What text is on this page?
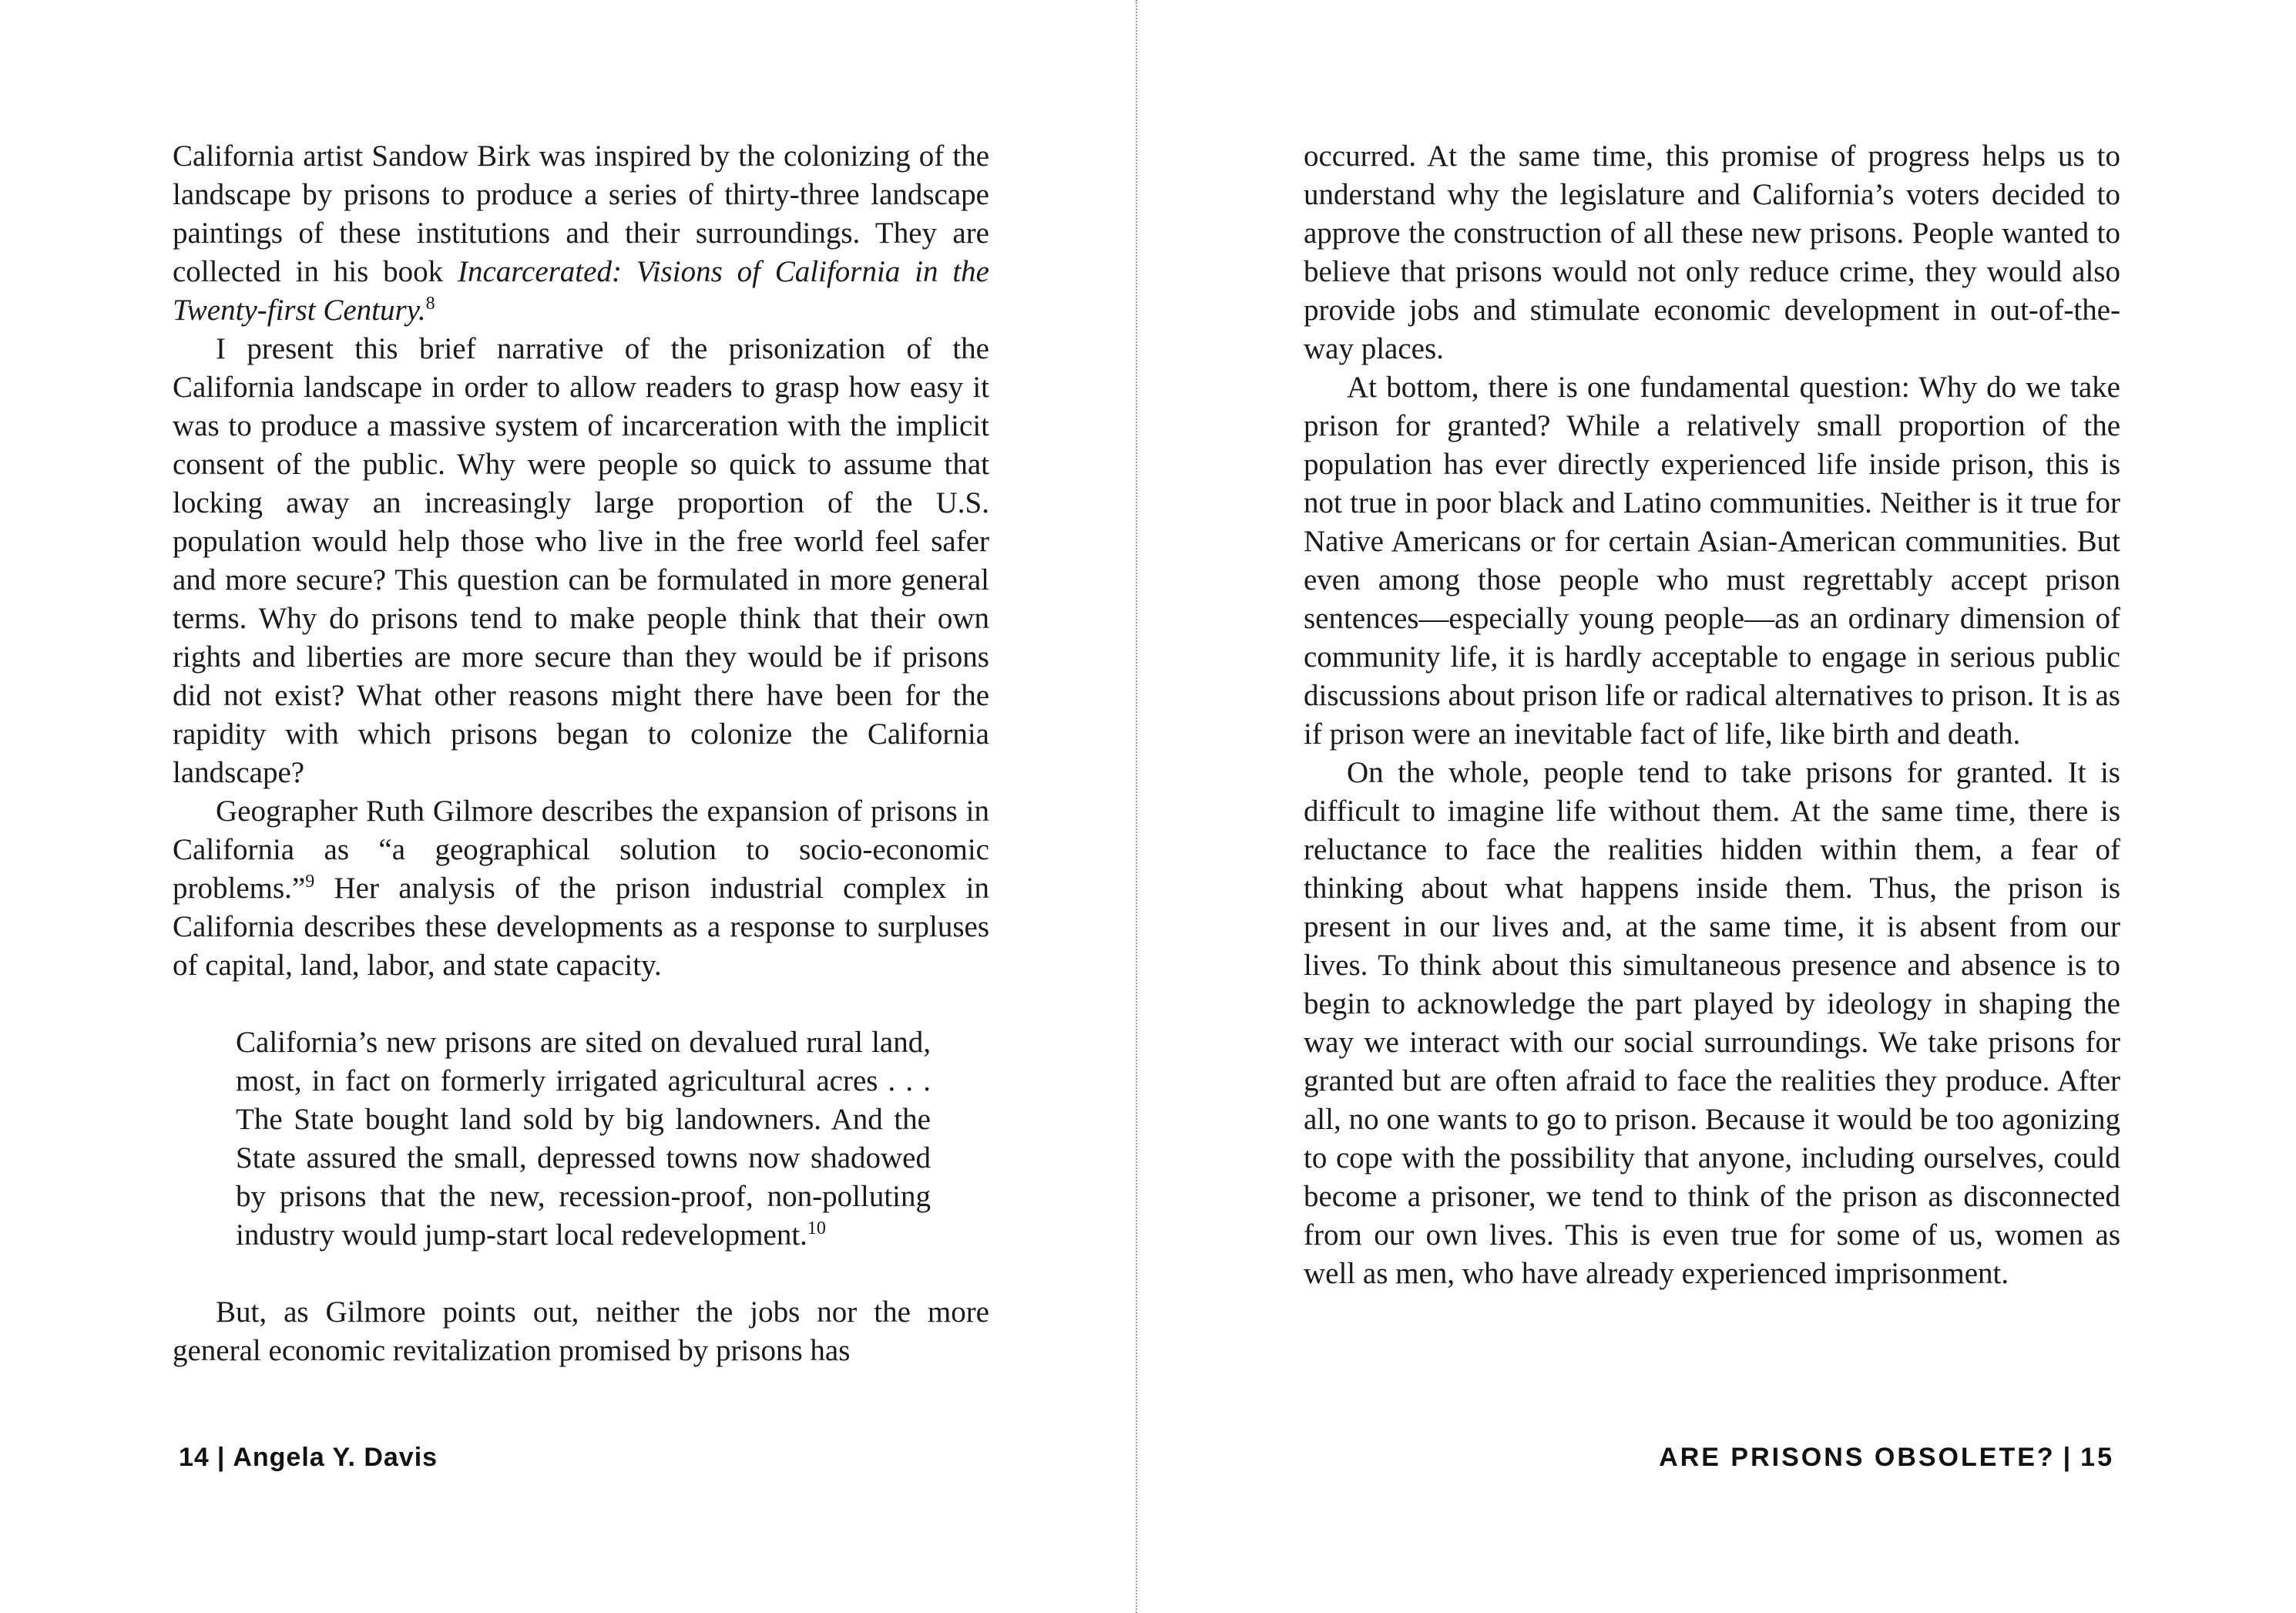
California artist Sandow Birk was inspired by the colonizing of the landscape by prisons to produce a series of thirty-three landscape paintings of these institutions and their surroundings. They are collected in his book Incarcerated: Visions of California in the Twenty-first Century.$^8$

I present this brief narrative of the prisonization of the California landscape in order to allow readers to grasp how easy it was to produce a massive system of incarceration with the implicit consent of the public. Why were people so quick to assume that locking away an increasingly large proportion of the U.S. population would help those who live in the free world feel safer and more secure? This question can be formulated in more general terms. Why do prisons tend to make people think that their own rights and liberties are more secure than they would be if prisons did not exist? What other reasons might there have been for the rapidity with which prisons began to colonize the California landscape?

Geographer Ruth Gilmore describes the expansion of prisons in California as “a geographical solution to socio-economic problems.”$^9$ Her analysis of the prison industrial complex in California describes these developments as a response to surpluses of capital, land, labor, and state capacity.

California’s new prisons are sited on devalued rural land, most, in fact on formerly irrigated agricultural acres . . . The State bought land sold by big landowners. And the State assured the small, depressed towns now shadowed by prisons that the new, recession-proof, non-polluting industry would jump-start local redevelopment.$^{10}$

But, as Gilmore points out, neither the jobs nor the more general economic revitalization promised by prisons has

occurred. At the same time, this promise of progress helps us to understand why the legislature and California’s voters decided to approve the construction of all these new prisons. People wanted to believe that prisons would not only reduce crime, they would also provide jobs and stimulate economic development in out-of-the-way places.

At bottom, there is one fundamental question: Why do we take prison for granted? While a relatively small proportion of the population has ever directly experienced life inside prison, this is not true in poor black and Latino communities. Neither is it true for Native Americans or for certain Asian-American communities. But even among those people who must regrettably accept prison sentences—especially young people—as an ordinary dimension of community life, it is hardly acceptable to engage in serious public discussions about prison life or radical alternatives to prison. It is as if prison were an inevitable fact of life, like birth and death.

On the whole, people tend to take prisons for granted. It is difficult to imagine life without them. At the same time, there is reluctance to face the realities hidden within them, a fear of thinking about what happens inside them. Thus, the prison is present in our lives and, at the same time, it is absent from our lives. To think about this simultaneous presence and absence is to begin to acknowledge the part played by ideology in shaping the way we interact with our social surroundings. We take prisons for granted but are often afraid to face the realities they produce. After all, no one wants to go to prison. Because it would be too agonizing to cope with the possibility that anyone, including ourselves, could become a prisoner, we tend to think of the prison as disconnected from our own lives. This is even true for some of us, women as well as men, who have already experienced imprisonment.

14 | Angela Y. Davis	ARE PRISONS OBSOLETE? | 15
